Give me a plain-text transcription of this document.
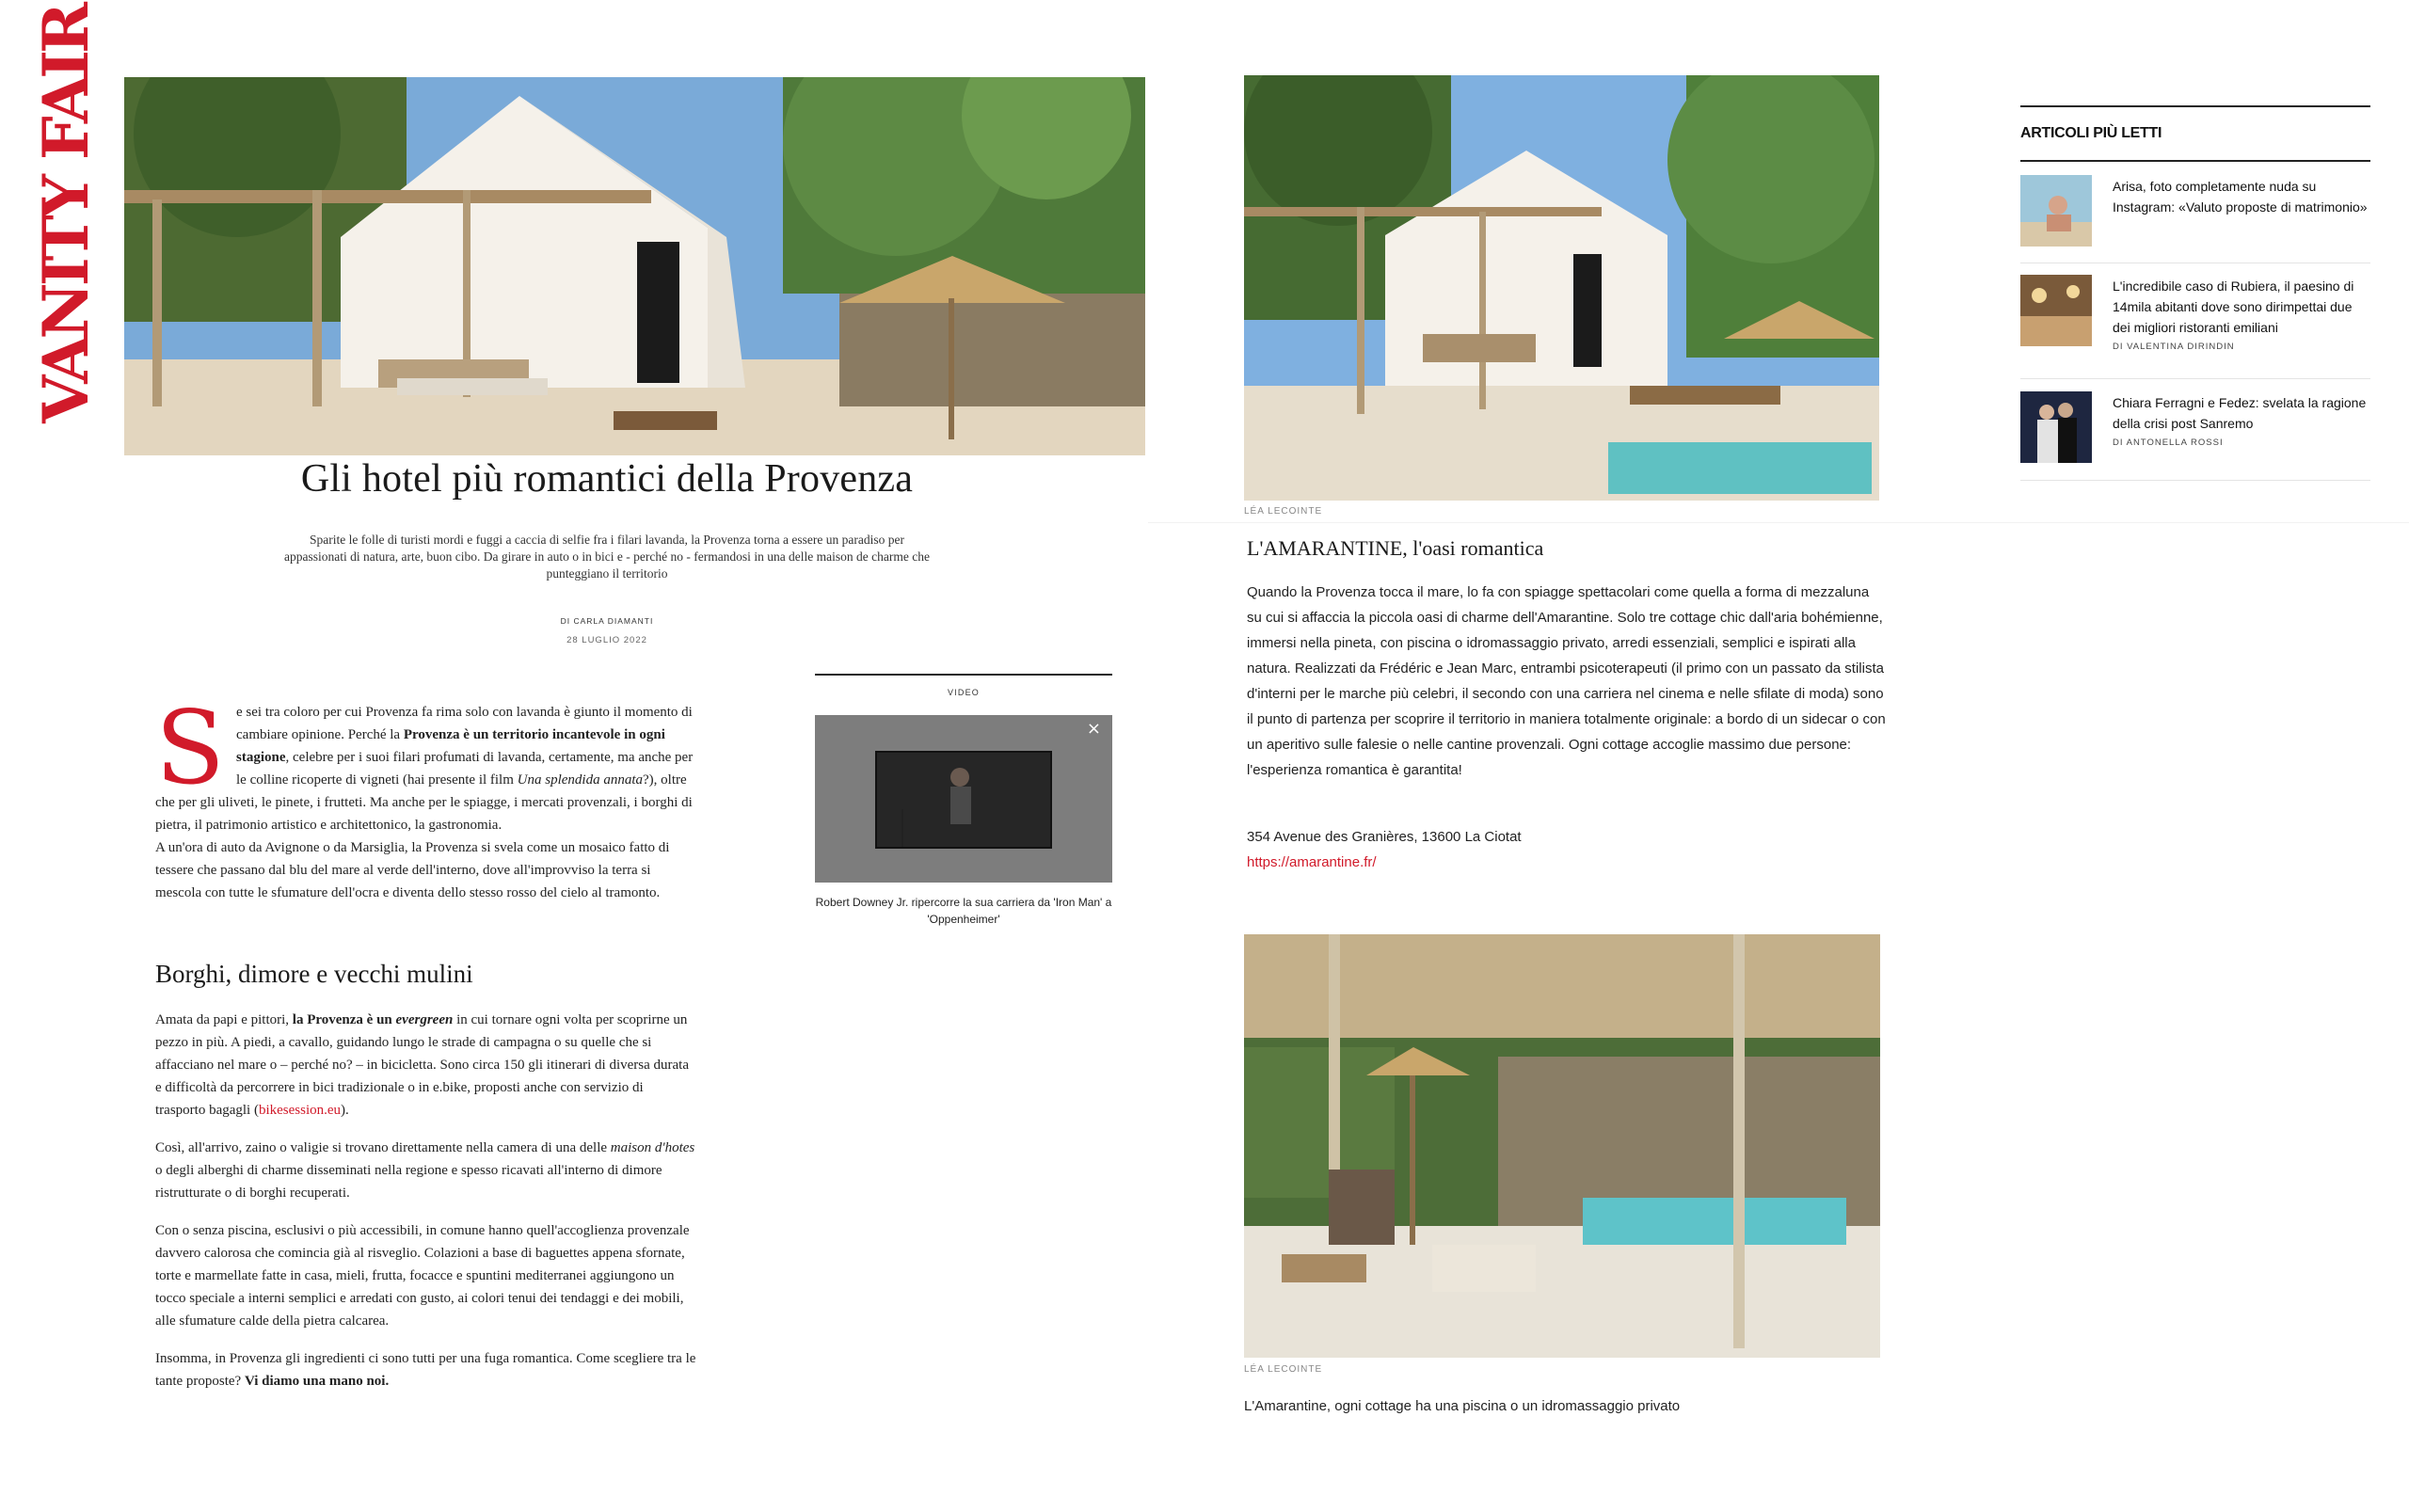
VANITY FAIR
Gli hotel più romantici della Provenza
Sparite le folle di turisti mordi e fuggi a caccia di selfie fra i filari lavanda, la Provenza torna a essere un paradiso per appassionati di natura, arte, buon cibo. Da girare in auto o in bici e - perché no - fermandosi in una delle maison de charme che punteggiano il territorio
DI CARLA DIAMANTI
28 LUGLIO 2022

Se sei tra coloro per cui Provenza fa rima solo con lavanda è giunto il momento di cambiare opinione. Perché la Provenza è un territorio incantevole in ogni stagione, celebre per i suoi filari profumati di lavanda, certamente, ma anche per le colline ricoperte di vigneti (hai presente il film Una splendida annata?), oltre che per gli uliveti, le pinete, i frutteti. Ma anche per le spiagge, i mercati provenzali, i borghi di pietra, il patrimonio artistico e architettonico, la gastronomia.

A un'ora di auto da Avignone o da Marsiglia, la Provenza si svela come un mosaico fatto di tessere che passano dal blu del mare al verde dell'interno, dove all'improvviso la terra si mescola con tutte le sfumature dell'ocra e diventa dello stesso rosso del cielo al tramonto.

Borghi, dimore e vecchi mulini

Amata da papi e pittori, la Provenza è un evergreen in cui tornare ogni volta per scoprirne un pezzo in più. A piedi, a cavallo, guidando lungo le strade di campagna o su quelle che si affacciano nel mare o – perché no? – in bicicletta. Sono circa 150 gli itinerari di diversa durata e difficoltà da percorrere in bici tradizionale o in e.bike, proposti anche con servizio di trasporto bagagli (bikesession.eu).

Così, all'arrivo, zaino o valigie si trovano direttamente nella camera di una delle maison d'hotes o degli alberghi di charme disseminati nella regione e spesso ricavati all'interno di dimore ristrutturate o di borghi recuperati.

Con o senza piscina, esclusivi o più accessibili, in comune hanno quell'accoglienza provenzale davvero calorosa che comincia già al risveglio. Colazioni a base di baguettes appena sfornate, torte e marmellate fatte in casa, mieli, frutta, focacce e spuntini mediterranei aggiungono un tocco speciale a interni semplici e arredati con gusto, ai colori tenui dei tendaggi e dei mobili, alle sfumature calde della pietra calcarea.

Insomma, in Provenza gli ingredienti ci sono tutti per una fuga romantica. Come scegliere tra le tante proposte? Vi diamo una mano noi.

VIDEO
×
Robert Downey Jr. ripercorre la sua carriera da 'Iron Man' a 'Oppenheimer'
LÉA LECOINTE
L'AMARANTINE, l'oasi romantica

Quando la Provenza tocca il mare, lo fa con spiagge spettacolari come quella a forma di mezzaluna su cui si affaccia la piccola oasi di charme dell'Amarantine. Solo tre cottage chic dall'aria bohémienne, immersi nella pineta, con piscina o idromassaggio privato, arredi essenziali, semplici e ispirati alla natura. Realizzati da Frédéric e Jean Marc, entrambi psicoterapeuti (il primo con un passato da stilista d'interni per le marche più celebri, il secondo con una carriera nel cinema e nelle sfilate di moda) sono il punto di partenza per scoprire il territorio in maniera totalmente originale: a bordo di un sidecar o con un aperitivo sulle falesie o nelle cantine provenzali. Ogni cottage accoglie massimo due persone: l'esperienza romantica è garantita!

354 Avenue des Granières, 13600 La Ciotat
https://amarantine.fr/
LÉA LECOINTE
L'Amarantine, ogni cottage ha una piscina o un idromassaggio privato
ARTICOLI PIÙ LETTI
Arisa, foto completamente nuda su Instagram: «Valuto proposte di matrimonio»
L'incredibile caso di Rubiera, il paesino di 14mila abitanti dove sono dirimpettai due dei migliori ristoranti emiliani
DI VALENTINA DIRINDIN
Chiara Ferragni e Fedez: svelata la ragione della crisi post Sanremo
DI ANTONELLA ROSSI
